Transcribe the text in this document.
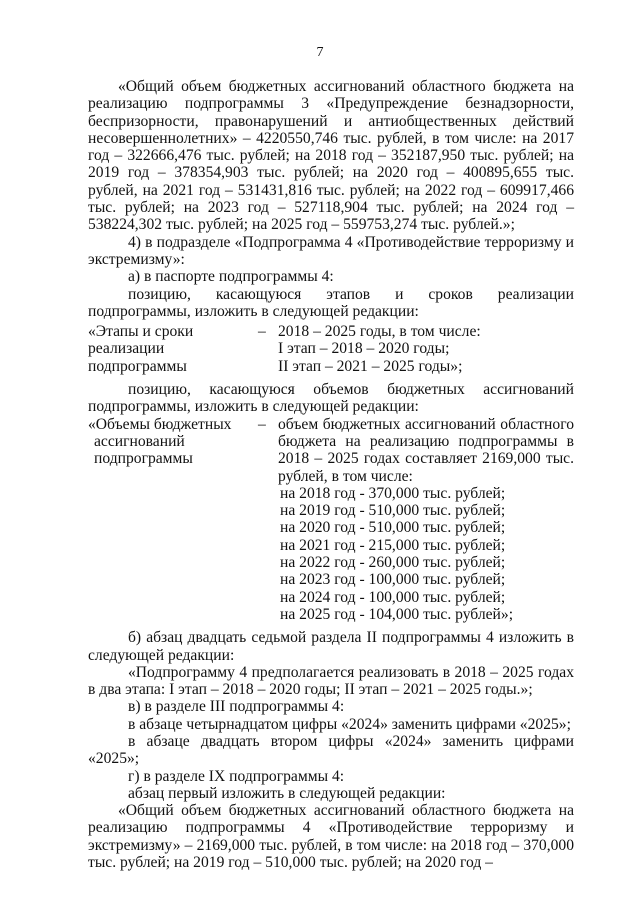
7

«Общий объем бюджетных ассигнований областного бюджета на реализацию подпрограммы 3 «Предупреждение безнадзорности, беспризорности, правонарушений и антиобщественных действий несовершеннолетних» – 4220550,746 тыс. рублей, в том числе: на 2017 год – 322666,476 тыс. рублей; на 2018 год – 352187,950 тыс. рублей; на 2019 год – 378354,903 тыс. рублей; на 2020 год – 400895,655 тыс. рублей, на 2021 год – 531431,816 тыс. рублей; на 2022 год – 609917,466 тыс. рублей; на 2023 год – 527118,904 тыс. рублей; на 2024 год – 538224,302 тыс. рублей; на 2025 год – 559753,274 тыс. рублей.»;

4) в подразделе «Подпрограмма 4 «Противодействие терроризму и экстремизму»:

а) в паспорте подпрограммы 4:

позицию, касающуюся этапов и сроков реализации подпрограммы, изложить в следующей редакции:

«Этапы и сроки	– 2018 – 2025 годы, в том числе:
реализации	I этап – 2018 – 2020 годы;
подпрограммы	II этап – 2021 – 2025 годы»;

позицию, касающуюся объемов бюджетных ассигнований подпрограммы, изложить в следующей редакции:

«Объемы бюджетных
ассигнований
подпрограммы
– объем бюджетных ассигнований областного бюджета на реализацию подпрограммы в 2018 – 2025 годах составляет 2169,000 тыс. рублей, в том числе:
на 2018 год - 370,000 тыс. рублей;
на 2019 год - 510,000 тыс. рублей;
на 2020 год - 510,000 тыс. рублей;
на 2021 год - 215,000 тыс. рублей;
на 2022 год - 260,000 тыс. рублей;
на 2023 год - 100,000 тыс. рублей;
на 2024 год - 100,000 тыс. рублей;
на 2025 год - 104,000 тыс. рублей»;

б) абзац двадцать седьмой раздела II подпрограммы 4 изложить в следующей редакции:

«Подпрограмму 4 предполагается реализовать в 2018 – 2025 годах в два этапа: I этап – 2018 – 2020 годы; II этап – 2021 – 2025 годы.»;

в) в разделе III подпрограммы 4:

в абзаце четырнадцатом цифры «2024» заменить цифрами «2025»;

в абзаце двадцать втором цифры «2024» заменить цифрами «2025»;

г) в разделе IX подпрограммы 4:

абзац первый изложить в следующей редакции:

«Общий объем бюджетных ассигнований областного бюджета на реализацию подпрограммы 4 «Противодействие терроризму и экстремизму» – 2169,000 тыс. рублей, в том числе: на 2018 год – 370,000 тыс. рублей; на 2019 год – 510,000 тыс. рублей; на 2020 год –
